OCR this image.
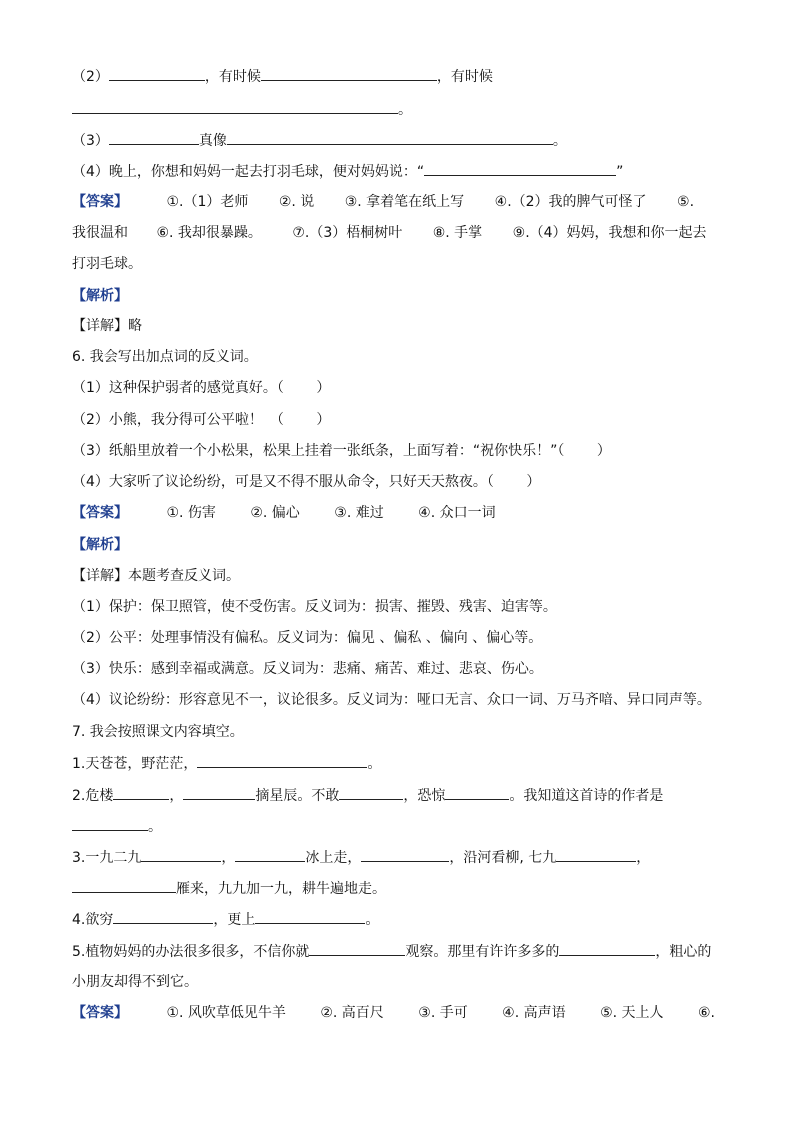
（2）	，有时候	，有时候
。
（3）	真像	。
（4）晚上，你想和妈妈一起去打羽毛球，便对妈妈说：“	”
【答案】	①.（1）老师 ②. 说 ③. 拿着笔在纸上写 ④.（2）我的脾气可怪了 ⑤.
我很温和 ⑥. 我却很暴躁。 ⑦.（3）梧桐树叶 ⑧. 手掌 ⑨.（4）妈妈，我想和你一起去
打羽毛球。
【解析】
【详解】略
6. 我会写出加点词的反义词。
（1）这种保护弱者的感觉真好。（　　 ）
（2）小熊，我分得可公平啦！　（　　 ）
（3）纸船里放着一个小松果，松果上挂着一张纸条，上面写着：“祝你快乐！”（　　 ）
（4）大家听了议论纷纷，可是又不得不服从命令，只好天天熬夜。（　　 ）
【答案】	①. 伤害 ②. 偏心 ③. 难过 ④. 众口一词
【解析】
【详解】本题考查反义词。
（1）保护：保卫照管，使不受伤害。反义词为：损害、摧毁、残害、迫害等。
（2）公平：处理事情没有偏私。反义词为：偏见 、偏私 、偏向 、偏心等。
（3）快乐：感到幸福或满意。反义词为：悲痛、痛苦、难过、悲哀、伤心。
（4）议论纷纷：形容意见不一，议论很多。反义词为：哑口无言、众口一词、万马齐喑、异口同声等。
7. 我会按照课文内容填空。
1.天苍苍，野茫茫，	。
2.危楼	，	摘星辰。不敢	，恐惊	。我知道这首诗的作者是
。
3.一九二九	，	冰上走，	，沿河看柳, 七九	，
雁来，九九加一九，耕牛遍地走。
4.欲穷	，更上	。
5.植物妈妈的办法很多很多，不信你就	观察。那里有许许多多的	，粗心的
小朋友却得不到它。
【答案】	①. 风吹草低见牛羊 ②. 高百尺 ③. 手可 ④. 高声语 ⑤. 天上人 ⑥.
